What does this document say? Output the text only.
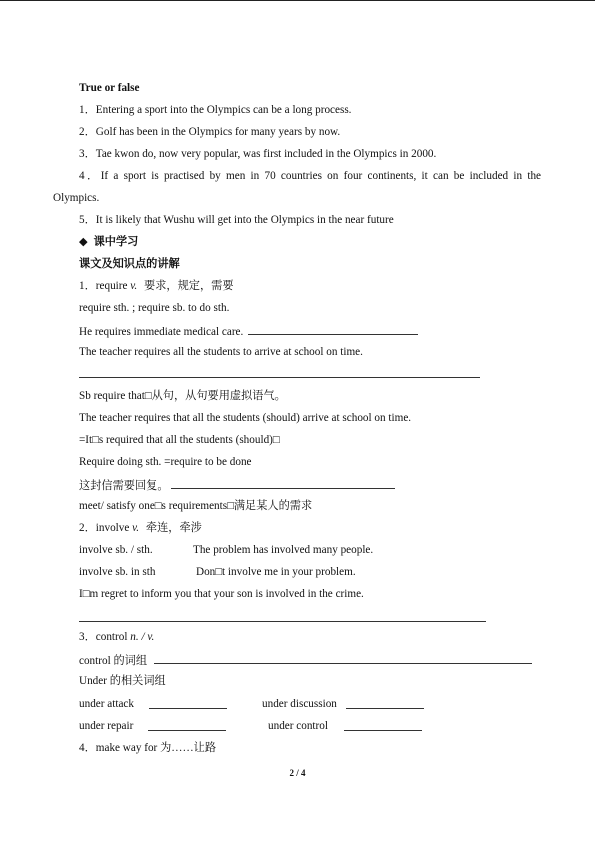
True or false
1．Entering a sport into the Olympics can be a long process.
2．Golf has been in the Olympics for many years by now.
3．Tae kwon do, now very popular, was first included in the Olympics in 2000.
4．If a sport is practised by men in 70 countries on four continents, it can be included in the
Olympics.
5．It is likely that Wushu will get into the Olympics in the near future
◆ 课中学习
课文及知识点的讲解
1．require v. 要求，规定，需要
require sth. ; require sb. to do sth.
He requires immediate medical care.
The teacher requires all the students to arrive at school on time.
Sb require that□从句，从句要用虚拟语气。
The teacher requires that all the students (should) arrive at school on time.
=It□s required that all the students (should)□
Require doing sth. =require to be done
这封信需要回复。
meet/ satisfy one□s requirements□满足某人的需求
2．involve v. 牵连，牵涉
involve sb. / sth.	The problem has involved many people.
involve sb. in sth	Don□t involve me in your problem.
I□m regret to inform you that your son is involved in the crime.
3．control n. / v.
control 的词组
Under 的相关词组
under attack	under discussion
under repair	under control
4．make way for 为……让路
2 / 4
